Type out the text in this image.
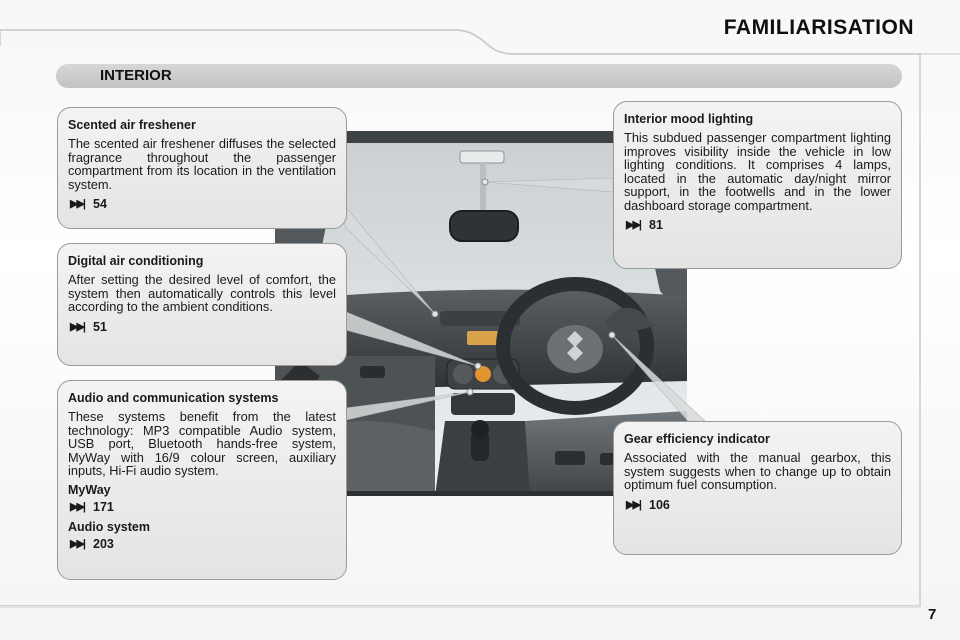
FAMILIARISATION
INTERIOR
Scented air freshener

The scented air freshener diffuses the selected fragrance throughout the passenger compartment from its location in the ventilation system.

▶▶| 54
Digital air conditioning

After setting the desired level of comfort, the system then automatically controls this level according to the ambient conditions.

▶▶| 51
Audio and communication systems

These systems benefit from the latest technology: MP3 compatible Audio system, USB port, Bluetooth hands-free system, MyWay with 16/9 colour screen, auxiliary inputs, Hi-Fi audio system.

MyWay
▶▶| 171
Audio system
▶▶| 203
Interior mood lighting

This subdued passenger compartment lighting improves visibility inside the vehicle in low lighting conditions. It comprises 4 lamps, located in the automatic day/night mirror support, in the footwells and in the lower dashboard storage compartment.

▶▶| 81
Gear efficiency indicator

Associated with the manual gearbox, this system suggests when to change up to obtain optimum fuel consumption.

▶▶| 106
7
